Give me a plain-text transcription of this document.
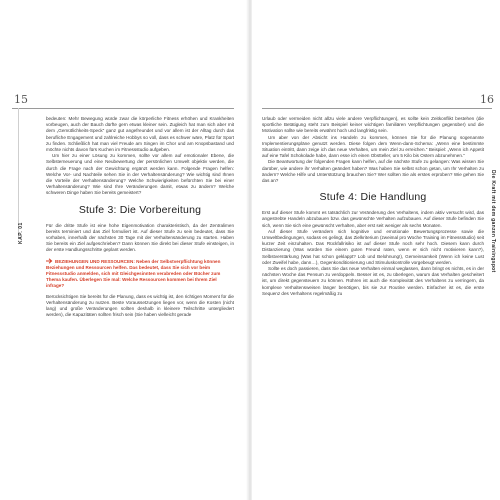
15
KAP. 01

bedeuten: Mehr Bewegung würde zwar die körperliche Fitness erhöhen und Krankheiten vorbeugen, auch der Bauch dürfte gern etwas kleiner sein. Zugleich hat man sich aber mit dem „Gemütlichkeits-Speck“ ganz gut angefreundet und vor allem ist der Alltag durch das berufliche Engagement und zahlreiche Hobbys so voll, dass es schwer wäre, Platz für Sport zu finden. Schließlich hat man viel Freude am Singen im Chor und am Knopsbastand und möchte nichts davon fürs Kuchen im Fitnessstudio aufgeben.

Um hier zu einer Lösung zu kommen, sollte vor allem auf emotionaler Ebene, die Selbsterneuerung und eine Neubewertung der persönlichen Umwelt objektiv werden, die durch die Frage nach der Gewichtung ergänzt werden kann. Folgende Fragen helfen: Welche Vor- und Nachteile sehen Sie in der Verhaltensänderung? Wie wichtig sind Ihnen die Vorteile der Verhaltensänderung? Welche Schwierigkeiten befürchten Sie bei einer Verhaltensänderung? Wie sind Ihre Veränderungen damit, etwas zu ändern? Welche schweren Dinge haben Sie bereits gemeistert?

Stufe 3: Die Vorbereitung

Für die dritte Stufe ist eine hohe Eigenmotivation charakteristisch, da der Zentralimen bereits terminiert und das Ziel formuliert ist. Auf dieser Stufe zu sein bedeutet, dass Sie vorhaben, innerhalb der nächsten 30 Tage mit der Verhaltensänderung zu starten. Haben Sie bereits ein Ziel aufgeschrieben? Dann können Sie direkt bei dieser Stufe einsteigen, in der erste Handlungsschritte geplant werden.

BEZIEHUNGEN UND RESSOURCEN: Neben der Selbstverpflichtung können Beziehungen und Ressourcen helfen. Das bedeutet, dass Sie sich vor beim Fitnessstudio anmelden, sich mit Gleichgesinnten verabreden oder Bücher zum Thema kaufen. Überlegen Sie mal: Welche Ressourcen kommen bei Ihrem Ziel infrage?

Berücksichtigen Sie bereits für die Planung, dass es wichtig ist, den richtigen Moment für die Verhaltensänderung zu nutzen. Beste Voraussetzungen liegen vor, wenn die Kosten (nicht lang) und große Veränderungen sollten deshalb in kleinere Teilschritte untergliedert werden), die Kapazitäten sollten frisch sein (Sie haben vielleicht gerade

16
Die Kraft mit dem ganzen Trainingspot

Urlaub oder vermeiden nicht allzu viele andere Verpflichtungen), es sollte kein Zeitkonflikt bestehen (die sportliche Betätigung steht zum Beispiel keiner wichtigen familiären Verpflichtungen gegenüber) und die Motivation sollte wie bereits erwähnt hoch und langfristig sein.

Um aber von der Absicht ins Handeln zu kommen, können Sie für die Planung sogenannte Implementierungspläne genutzt werden. Diese folgen dem Wenn-dann-Schema: „Wenn eine bestimmte Situation eintritt, dann zeige ich das neue Verhalten, um mein Ziel zu erreichen.“ Beispiel: „Wenn ich Appetit auf eine Tafel Schokolade habe, dann esse ich einen Obstteller, um 5 Kilo bis Ostern abzunehmen.“

Die Beantwortung der folgenden Fragen kann helfen, auf die nächste Stufe zu gelangen: Was wissen Sie darüber, wie andere ihr Verhalten geändert haben? Was haben Sie selbst schon getan, um Ihr Verhalten zu ändern? Welche Hilfe und Unterstützung brauchen Sie? Wer sollten Sie als erstes erproben? Wie gehen Sie das an?

Stufe 4: Die Handlung

Erst auf dieser Stufe kommt es tatsächlich zur Veränderung des Verhaltens, indem aktiv versucht wird, das angestrebte Handeln abzubauen bzw. das gewünschte Verhalten aufzubauen. Auf dieser Stufe befinden Sie sich, wenn Sie sich eine gewünscht verhalten, aber erst seit weniger als sechs Monaten.

Auf dieser Stufe verändern sich kognitive und emotionale Bewertungsprozesse sowie die Umweltbedingungen, sodass es gelingt, das Zielkriterium (zweimal pro Woche Training im Fitnessstudio) seit kurzer Zeit einzuhalten. Das Rückfallrisiko ist auf dieser Stufe noch sehr hoch. Diesem kann durch Distanzierung (Was würden Sie einem guten Freund raten, wenn er sich nicht motivieren kann?), Selbstverstärkung (Was hat schon geklappt? Lob und Belohnung!), Gemeinsamkeit (Wenn ich keine Lust oder Zweifel habe, dann…), Gegenkonditionierung und Stimuluskontrolle vorgebeugt werden.

Sollte es doch passieren, dass Sie das neue Verhalten einmal weglassen, dann bringt es nichts, es in der nächsten Woche das Pensum zu verdoppeln. Besser ist es, zu überlegen, warum das Verhalten gescheitert ist, um direkt gegensteuern zu können. Rühren ist auch die Komplexität des Verhaltens zu verringern, da komplexe Verhaltensweisen länger benötigen, bis sie zur Routine werden. Einfacher ist es, die erste Sequenz des Verhaltens regelmäßig zu
